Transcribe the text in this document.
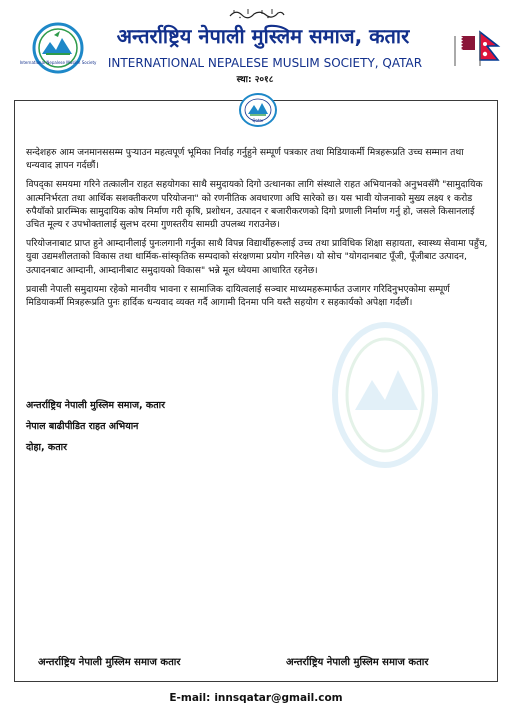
International Nepalese Muslim Society
अन्तर्राष्ट्रिय नेपाली मुस्लिम समाज, कतार
INTERNATIONAL NEPALESE MUSLIM SOCIETY, QATAR
स्था: २०१८
Qatar

सन्देशहरु आम जनमानससम्म पुऱ्याउन महत्वपूर्ण भूमिका निर्वाह गर्नुहुने सम्पूर्ण पत्रकार तथा मिडियाकर्मी मित्रहरूप्रति उच्च सम्मान तथा धन्यवाद ज्ञापन गर्दछौं।

विपद्का समयमा गरिने तत्कालीन राहत सहयोगका साथै समुदायको दिगो उत्थानका लागि संस्थाले राहत अभियानको अनुभवसँगै "सामुदायिक आत्मनिर्भरता तथा आर्थिक सशक्तीकरण परियोजना" को रणनीतिक अवधारणा अघि सारेको छ। यस भावी योजनाको मुख्य लक्ष्य १ करोड रुपैयाँको प्रारम्भिक सामुदायिक कोष निर्माण गरी कृषि, प्रशोधन, उत्पादन र बजारीकरणको दिगो प्रणाली निर्माण गर्नु हो, जसले किसानलाई उचित मूल्य र उपभोक्तालाई सुलभ दरमा गुणस्तरीय सामग्री उपलब्ध गराउनेछ।

परियोजनाबाट प्राप्त हुने आम्दानीलाई पुनःलगानी गर्नुका साथै विपन्न विद्यार्थीहरूलाई उच्च तथा प्राविधिक शिक्षा सहायता, स्वास्थ्य सेवामा पहुँच, युवा उद्यमशीलताको विकास तथा धार्मिक-सांस्कृतिक सम्पदाको संरक्षणमा प्रयोग गरिनेछ। यो सोच "योगदानबाट पूँजी, पूँजीबाट उत्पादन, उत्पादनबाट आम्दानी, आम्दानीबाट समुदायको विकास" भन्ने मूल ध्येयमा आधारित रहनेछ।

प्रवासी नेपाली समुदायमा रहेको मानवीय भावना र सामाजिक दायित्वलाई सञ्चार माध्यमहरूमार्फत उजागर गरिदिनुभएकोमा सम्पूर्ण मिडियाकर्मी मित्रहरूप्रति पुनः हार्दिक धन्यवाद व्यक्त गर्दै आगामी दिनमा पनि यस्तै सहयोग र सहकार्यको अपेक्षा गर्दछौं।

अन्तर्राष्ट्रिय नेपाली मुस्लिम समाज, कतार
नेपाल बाढीपीडित राहत अभियान
दोहा, कतार
अन्तर्राष्ट्रिय नेपाली मुस्लिम समाज कतार	अन्तर्राष्ट्रिय नेपाली मुस्लिम समाज कतार
E-mail: innsqatar@gmail.com
